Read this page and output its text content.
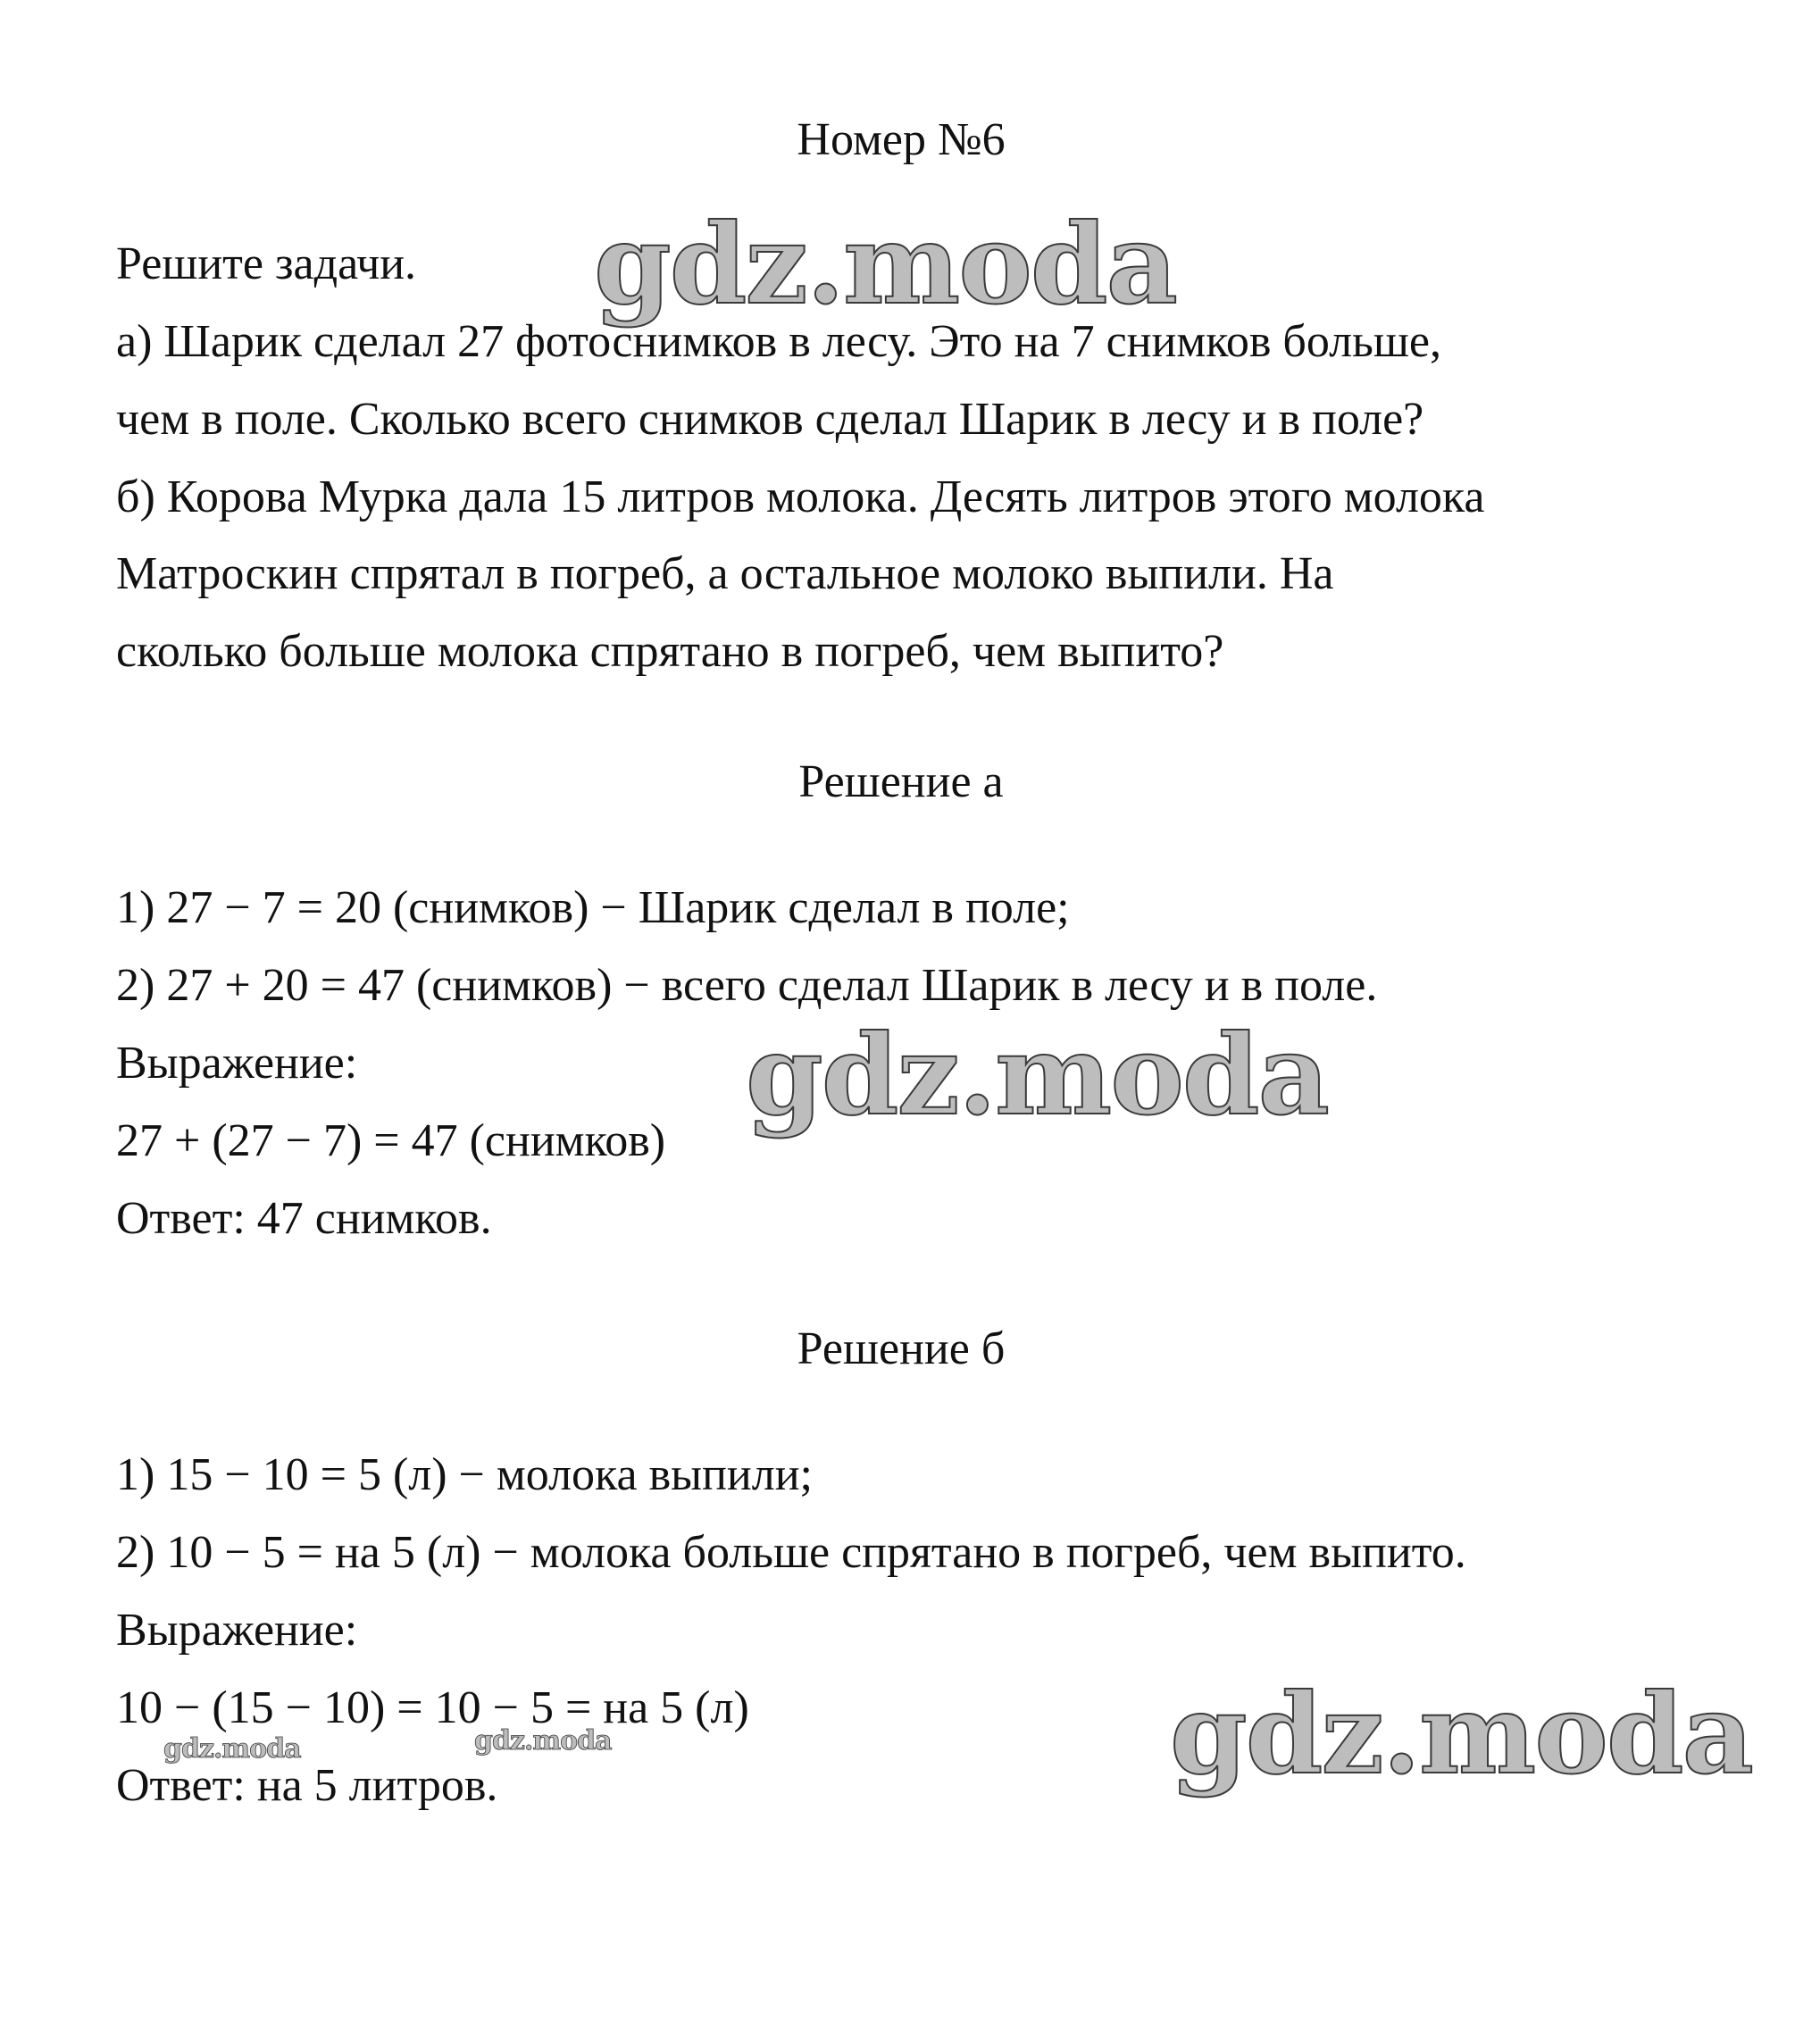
Номер №6

Решите задачи.

а) Шарик сделал 27 фотоснимков в лесу. Это на 7 снимков больше,

чем в поле. Сколько всего снимков сделал Шарик в лесу и в поле?

б) Корова Мурка дала 15 литров молока. Десять литров этого молока

Матроскин спрятал в погреб, а остальное молоко выпили. На

сколько больше молока спрятано в погреб, чем выпито?

Решение а

1) 27 − 7 = 20 (снимков) − Шарик сделал в поле;

2) 27 + 20 = 47 (снимков) − всего сделал Шарик в лесу и в поле.

Выражение:

27 + (27 − 7) = 47 (снимков)

Ответ: 47 снимков.

Решение б

1) 15 − 10 = 5 (л) − молока выпили;

2) 10 − 5 = на 5 (л) − молока больше спрятано в погреб, чем выпито.

Выражение:

10 − (15 − 10) = 10 − 5 = на 5 (л)

Ответ: на 5 литров.

gdz.moda
gdz.moda
gdz.moda
gdz.moda	gdz.moda
